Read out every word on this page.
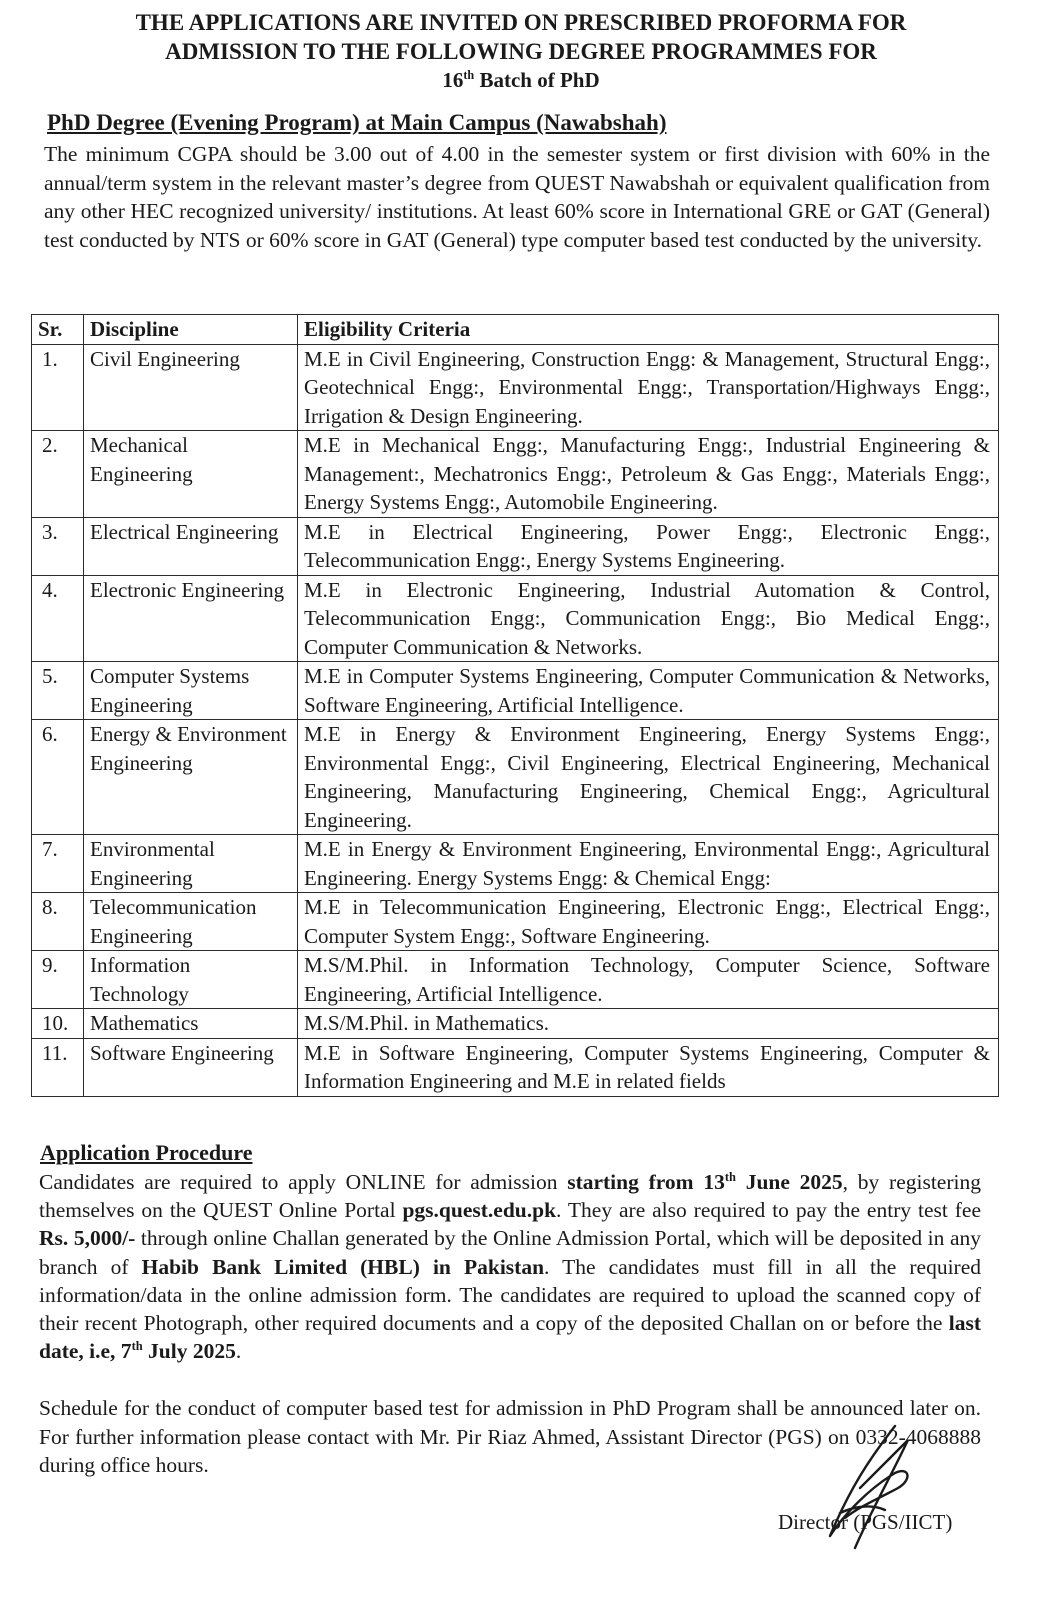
THE APPLICATIONS ARE INVITED ON PRESCRIBED PROFORMA FOR
ADMISSION TO THE FOLLOWING DEGREE PROGRAMMES FOR
16th Batch of PhD
PhD Degree (Evening Program) at Main Campus (Nawabshah)

The minimum CGPA should be 3.00 out of 4.00 in the semester system or first division with 60% in the annual/term system in the relevant master’s degree from QUEST Nawabshah or equivalent qualification from any other HEC recognized university/ institutions. At least 60% score in International GRE or GAT (General) test conducted by NTS or 60% score in GAT (General) type computer based test conducted by the university.

Sr.	Discipline	Eligibility Criteria
1.	Civil Engineering	M.E in Civil Engineering, Construction Engg: & Management, Structural Engg:, Geotechnical Engg:, Environmental Engg:, Transportation/Highways Engg:, Irrigation & Design Engineering.
2.	Mechanical Engineering	M.E in Mechanical Engg:, Manufacturing Engg:, Industrial Engineering & Management:, Mechatronics Engg:, Petroleum & Gas Engg:, Materials Engg:, Energy Systems Engg:, Automobile Engineering.
3.	Electrical Engineering	M.E in Electrical Engineering, Power Engg:, Electronic Engg:, Telecommunication Engg:, Energy Systems Engineering.
4.	Electronic Engineering	M.E in Electronic Engineering, Industrial Automation & Control, Telecommunication Engg:, Communication Engg:, Bio Medical Engg:, Computer Communication & Networks.
5.	Computer Systems Engineering	M.E in Computer Systems Engineering, Computer Communication & Networks, Software Engineering, Artificial Intelligence.
6.	Energy & Environment Engineering	M.E in Energy & Environment Engineering, Energy Systems Engg:, Environmental Engg:, Civil Engineering, Electrical Engineering, Mechanical Engineering, Manufacturing Engineering, Chemical Engg:, Agricultural Engineering.
7.	Environmental Engineering	M.E in Energy & Environment Engineering, Environmental Engg:, Agricultural Engineering. Energy Systems Engg: & Chemical Engg:
8.	Telecommunication Engineering	M.E in Telecommunication Engineering, Electronic Engg:, Electrical Engg:, Computer System Engg:, Software Engineering.
9.	Information Technology	M.S/M.Phil. in Information Technology, Computer Science, Software Engineering, Artificial Intelligence.
10.	Mathematics	M.S/M.Phil. in Mathematics.
11.	Software Engineering	M.E in Software Engineering, Computer Systems Engineering, Computer & Information Engineering and M.E in related fields
Application Procedure

Candidates are required to apply ONLINE for admission starting from 13th June 2025, by registering themselves on the QUEST Online Portal pgs.quest.edu.pk. They are also required to pay the entry test fee Rs. 5,000/- through online Challan generated by the Online Admission Portal, which will be deposited in any branch of Habib Bank Limited (HBL) in Pakistan. The candidates must fill in all the required information/data in the online admission form. The candidates are required to upload the scanned copy of their recent Photograph, other required documents and a copy of the deposited Challan on or before the last date, i.e, 7th July 2025.

Schedule for the conduct of computer based test for admission in PhD Program shall be announced later on. For further information please contact with Mr. Pir Riaz Ahmed, Assistant Director (PGS) on 0332-4068888 during office hours.

Director (PGS/IICT)
